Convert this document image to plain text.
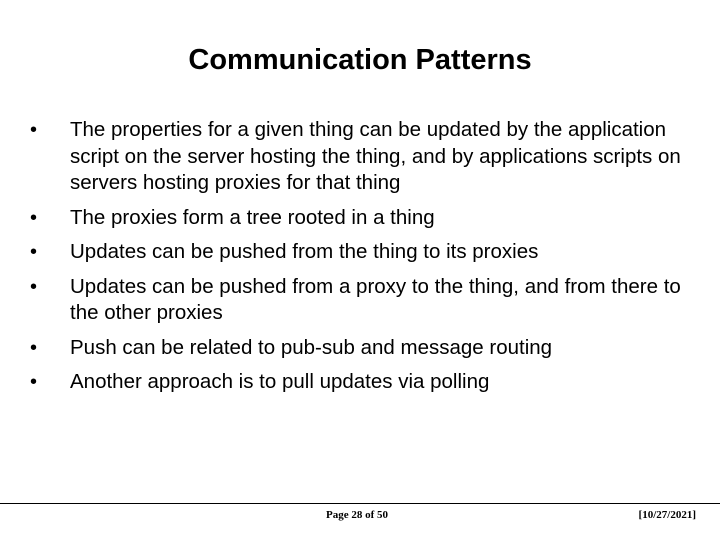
Communication Patterns
•	The properties for a given thing can be updated by the application script on the server hosting the thing, and by applications scripts on servers hosting proxies for that thing
•	The proxies form a tree rooted in a thing
•	Updates can be pushed from the thing to its proxies
•	Updates can be pushed from a proxy to the thing, and from there to the other proxies
•	Push can be related to pub-sub and message routing
•	Another approach is to pull updates via polling
Page 28 of 50	[10/27/2021]
